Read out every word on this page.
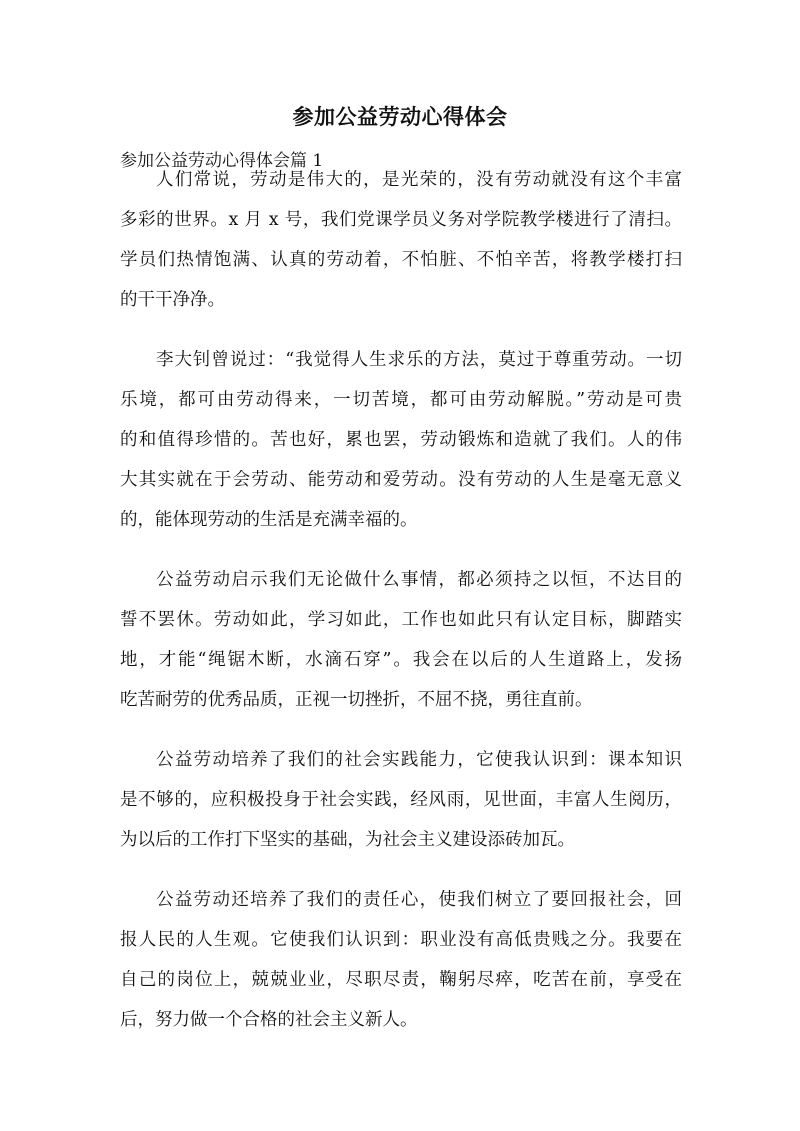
参加公益劳动心得体会
参加公益劳动心得体会篇 1
人们常说，劳动是伟大的，是光荣的，没有劳动就没有这个丰富
多彩的世界。x 月 x 号，我们党课学员义务对学院教学楼进行了清扫。
学员们热情饱满、认真的劳动着，不怕脏、不怕辛苦，将教学楼打扫
的干干净净。
李大钊曾说过：“我觉得人生求乐的方法，莫过于尊重劳动。一切
乐境，都可由劳动得来，一切苦境，都可由劳动解脱。”劳动是可贵
的和值得珍惜的。苦也好，累也罢，劳动锻炼和造就了我们。人的伟
大其实就在于会劳动、能劳动和爱劳动。没有劳动的人生是毫无意义
的，能体现劳动的生活是充满幸福的。
公益劳动启示我们无论做什么事情，都必须持之以恒，不达目的
誓不罢休。劳动如此，学习如此，工作也如此只有认定目标，脚踏实
地，才能“绳锯木断，水滴石穿”。我会在以后的人生道路上，发扬
吃苦耐劳的优秀品质，正视一切挫折，不屈不挠，勇往直前。
公益劳动培养了我们的社会实践能力，它使我认识到：课本知识
是不够的，应积极投身于社会实践，经风雨，见世面，丰富人生阅历，
为以后的工作打下坚实的基础，为社会主义建设添砖加瓦。
公益劳动还培养了我们的责任心，使我们树立了要回报社会，回
报人民的人生观。它使我们认识到：职业没有高低贵贱之分。我要在
自己的岗位上，兢兢业业，尽职尽责，鞠躬尽瘁，吃苦在前，享受在
后，努力做一个合格的社会主义新人。
